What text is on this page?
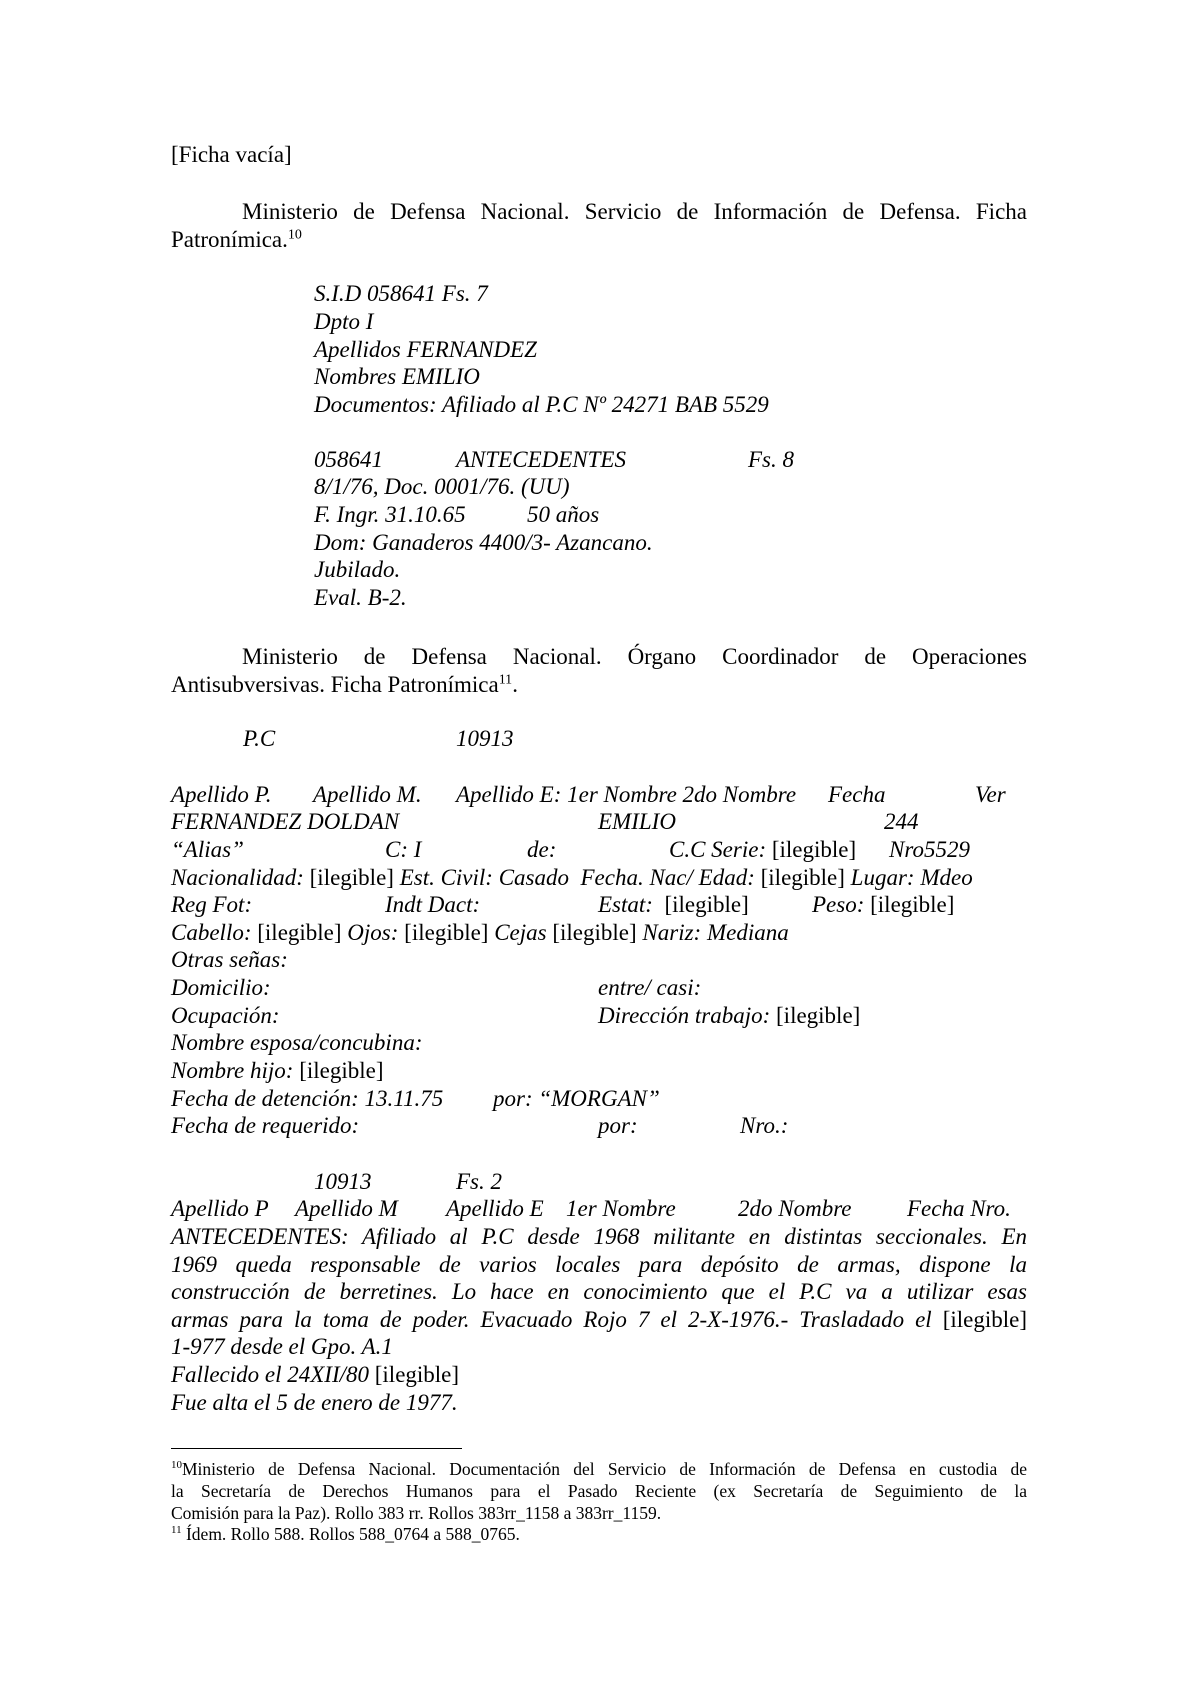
[Ficha vacía]
Ministerio de Defensa Nacional. Servicio de Información de Defensa. Ficha Patronímica.$^{10}$
S.I.D 058641 Fs. 7
Dpto I
Apellidos FERNANDEZ
Nombres EMILIO
Documentos: Afiliado al P.C Nº 24271 BAB 5529
058641	ANTECEDENTES	Fs. 8
8/1/76, Doc. 0001/76. (UU)
F. Ingr. 31.10.65	50 años
Dom: Ganaderos 4400/3- Azancano.
Jubilado.
Eval. B-2.
Ministerio de Defensa Nacional. Órgano Coordinador de Operaciones
Antisubversivas. Ficha Patronímica$^{11}$.
P.C	10913
Apellido P. Apellido M. Apellido E: 1er Nombre 2do Nombre Fecha	Ver
FERNANDEZ DOLDAN	EMILIO	244
“Alias”	C: I	de:	C.C Serie: [ilegible] Nro5529
Nacionalidad: [ilegible] Est. Civil: Casado Fecha. Nac/ Edad: [ilegible] Lugar: Mdeo
Reg Fot:	Indt Dact:	Estat: [ilegible]	Peso: [ilegible]
Cabello: [ilegible] Ojos: [ilegible] Cejas [ilegible] Nariz: Mediana
Otras señas:
Domicilio:	entre/ casi:
Ocupación:	Dirección trabajo: [ilegible]
Nombre esposa/concubina:
Nombre hijo: [ilegible]
Fecha de detención: 13.11.75 por: “MORGAN”
Fecha de requerido:	por:	Nro.:
10913	Fs. 2
Apellido P Apellido M Apellido E 1er Nombre	2do Nombre Fecha Nro.
ANTECEDENTES: Afiliado al P.C desde 1968 militante en distintas seccionales. En
1969 queda responsable de varios locales para depósito de armas, dispone la
construcción de berretines. Lo hace en conocimiento que el P.C va a utilizar esas
armas para la toma de poder. Evacuado Rojo 7 el 2-X-1976.- Trasladado el [ilegible]
1-977 desde el Gpo. A.1
Fallecido el 24XII/80 [ilegible]
Fue alta el 5 de enero de 1977.
$^{10}$Ministerio de Defensa Nacional. Documentación del Servicio de Información de Defensa en custodia de
la Secretaría de Derechos Humanos para el Pasado Reciente (ex Secretaría de Seguimiento de la
Comisión para la Paz). Rollo 383 rr. Rollos 383rr_1158 a 383rr_1159.
$^{11}$ Ídem. Rollo 588. Rollos 588_0764 a 588_0765.
